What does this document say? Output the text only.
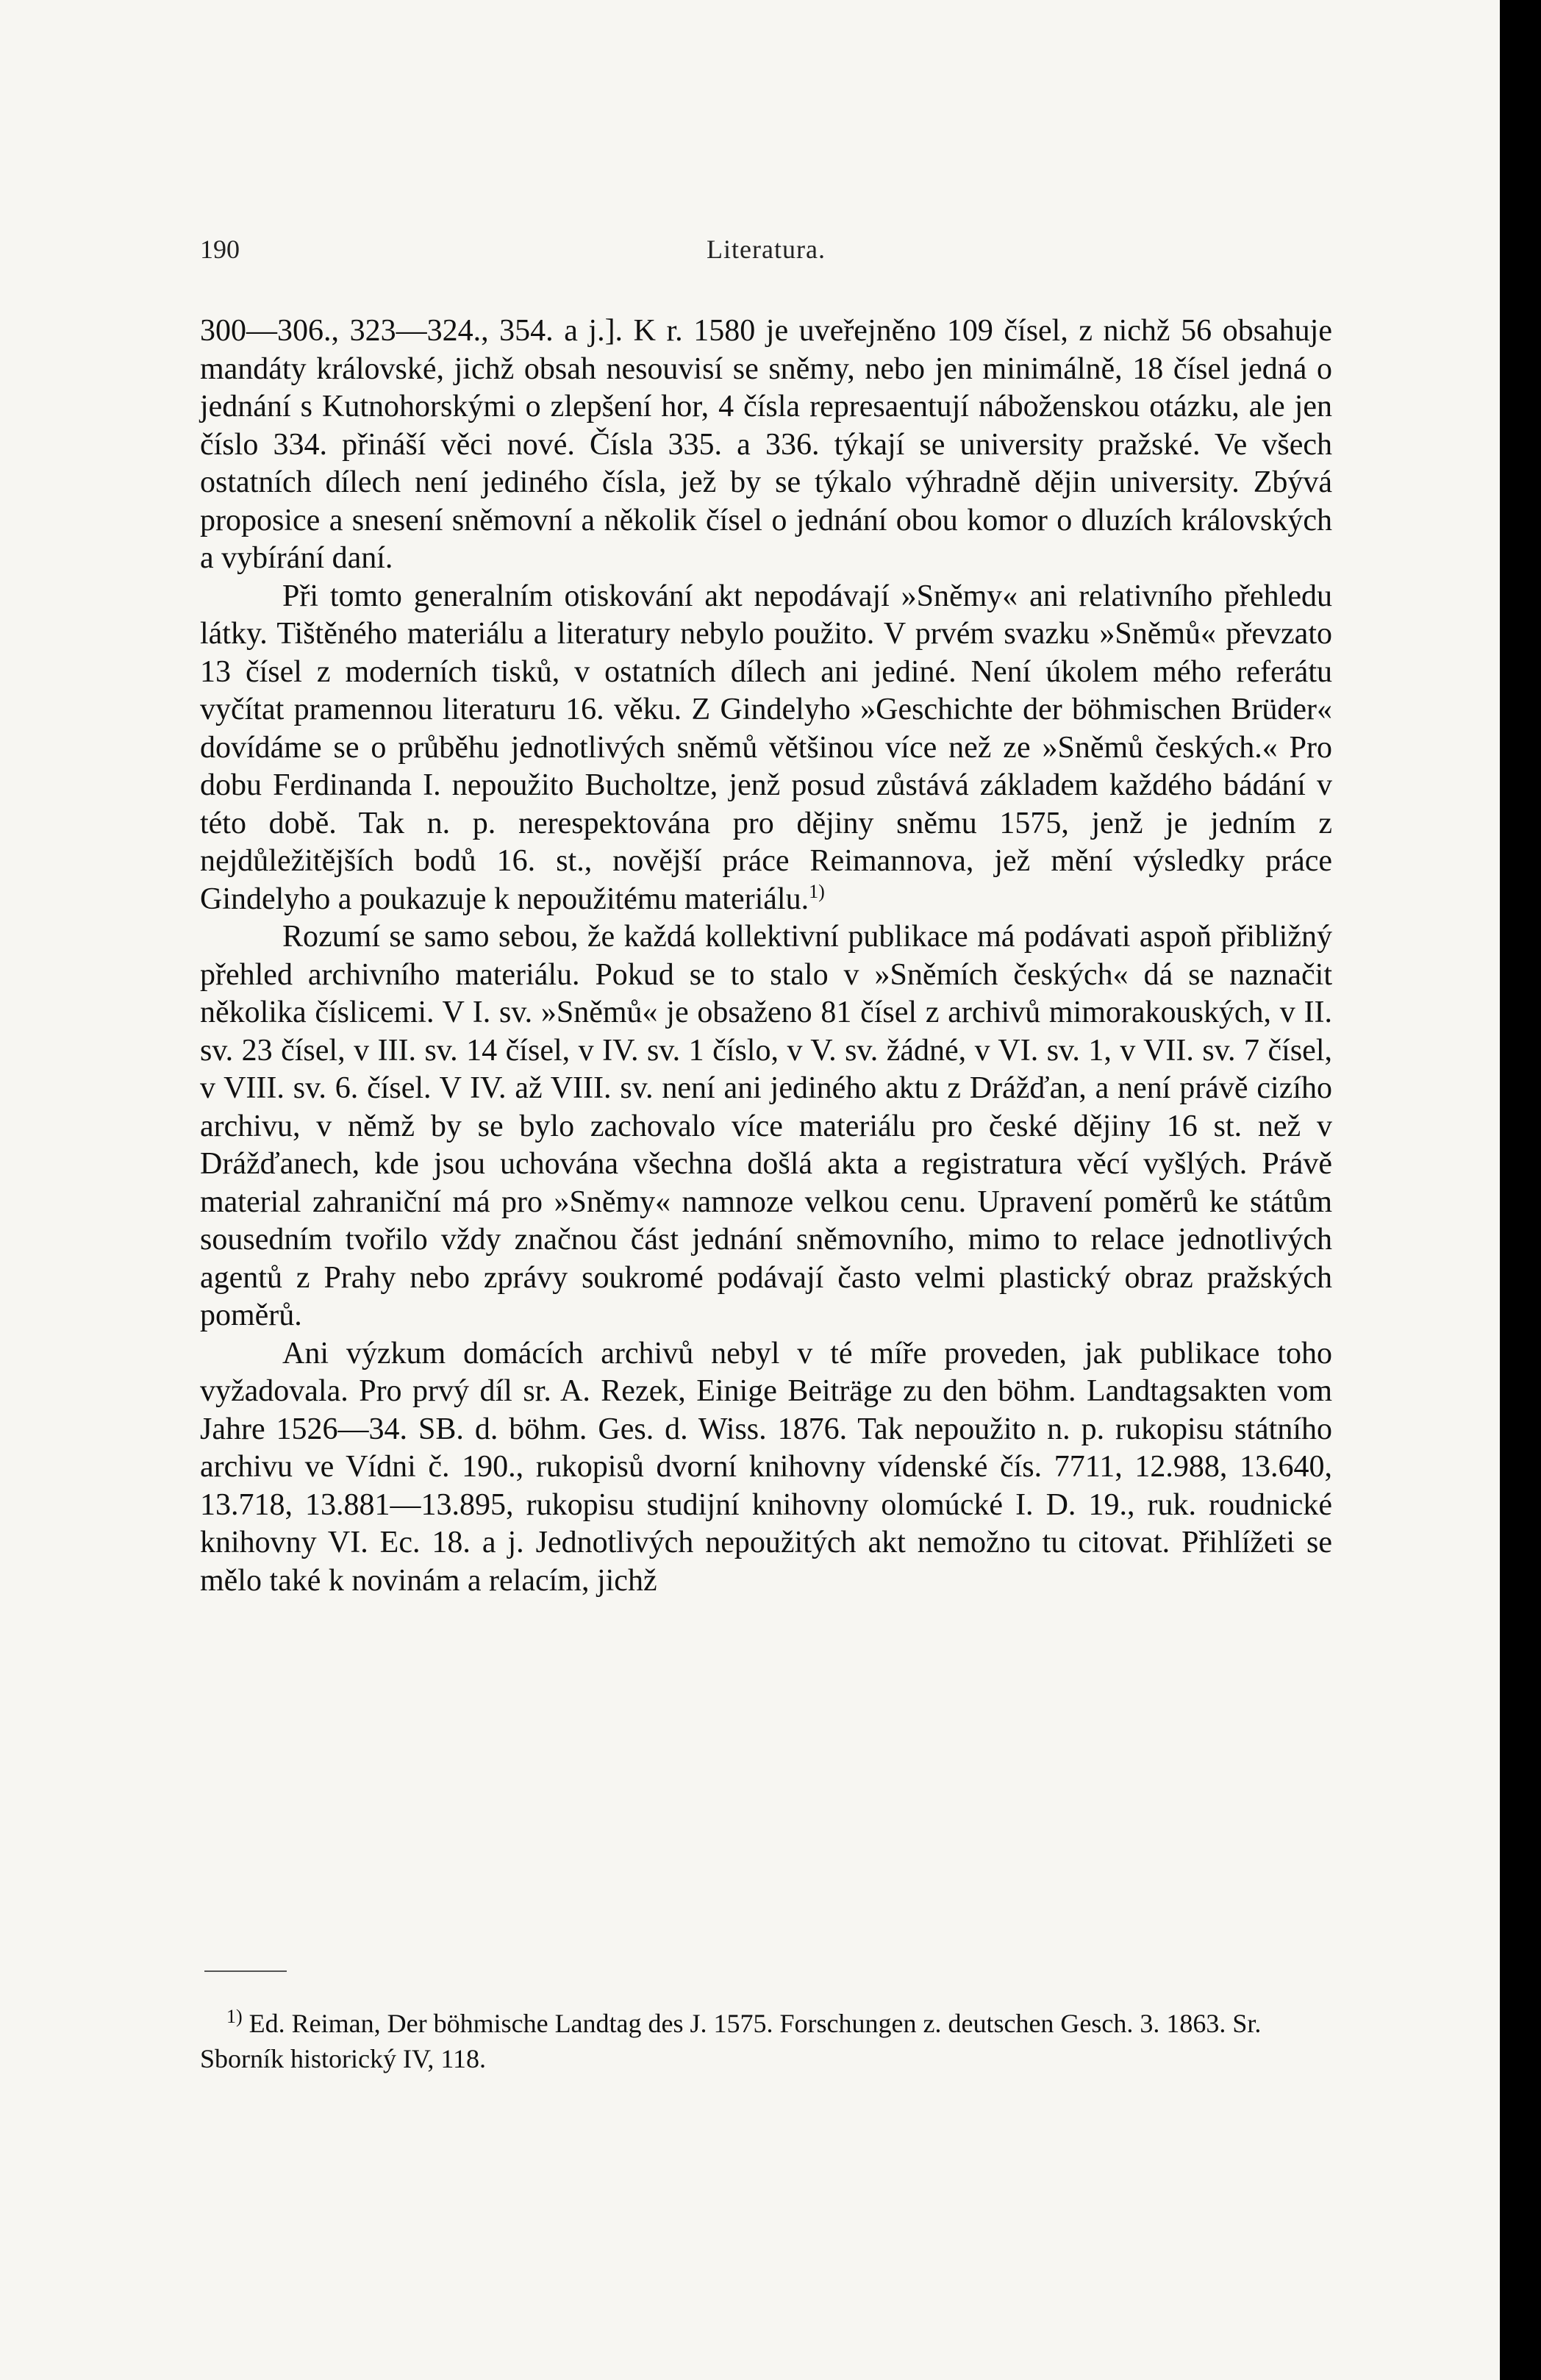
190	Literatura.

300—306., 323—324., 354. a j.]. K r. 1580 je uveřejněno 109 čísel, z nichž 56 obsahuje mandáty královské, jichž obsah nesouvisí se sněmy, nebo jen minimálně, 18 čísel jedná o jednání s Kutnohorskými o zlepšení hor, 4 čísla represaentují náboženskou otázku, ale jen číslo 334. přináší věci nové. Čísla 335. a 336. týkají se university pražské. Ve všech ostatních dílech není jediného čísla, jež by se týkalo výhradně dějin university. Zbývá proposice a snesení sněmovní a několik čísel o jednání obou komor o dluzích královských a vybírání daní.

Při tomto generalním otiskování akt nepodávají »Sněmy« ani relativního přehledu látky. Tištěného materiálu a literatury nebylo použito. V prvém svazku »Sněmů« převzato 13 čísel z moderních tisků, v ostatních dílech ani jediné. Není úkolem mého referátu vyčítat pramennou literaturu 16. věku. Z Gindelyho »Geschichte der böhmischen Brüder« dovídáme se o průběhu jednotlivých sněmů většinou více než ze »Sněmů českých.« Pro dobu Ferdinanda I. nepoužito Bucholtze, jenž posud zůstává základem každého bádání v této době. Tak n. p. nerespektována pro dějiny sněmu 1575, jenž je jedním z nejdůležitějších bodů 16. st., novější práce Reimannova, jež mění výsledky práce Gindelyho a poukazuje k nepoužitému materiálu.$^{1)}$

Rozumí se samo sebou, že každá kollektivní publikace má podávati aspoň přibližný přehled archivního materiálu. Pokud se to stalo v »Sněmích českých« dá se naznačit několika číslicemi. V I. sv. »Sněmů« je obsaženo 81 čísel z archivů mimorakouských, v II. sv. 23 čísel, v III. sv. 14 čísel, v IV. sv. 1 číslo, v V. sv. žádné, v VI. sv. 1, v VII. sv. 7 čísel, v VIII. sv. 6. čísel. V IV. až VIII. sv. není ani jediného aktu z Drážďan, a není právě cizího archivu, v němž by se bylo zachovalo více materiálu pro české dějiny 16 st. než v Drážďanech, kde jsou uchována všechna došlá akta a registratura věcí vyšlých. Právě material zahraniční má pro »Sněmy« namnoze velkou cenu. Upravení poměrů ke státům sousedním tvořilo vždy značnou část jednání sněmovního, mimo to relace jednotlivých agentů z Prahy nebo zprávy soukromé podávají často velmi plastický obraz pražských poměrů.

Ani výzkum domácích archivů nebyl v té míře proveden, jak publikace toho vyžadovala. Pro prvý díl sr. A. Rezek, Einige Beiträge zu den böhm. Landtagsakten vom Jahre 1526—34. SB. d. böhm. Ges. d. Wiss. 1876. Tak nepoužito n. p. rukopisu státního archivu ve Vídni č. 190., rukopisů dvorní knihovny vídenské čís. 7711, 12.988, 13.640, 13.718, 13.881—13.895, rukopisu studijní knihovny olomúcké I. D. 19., ruk. roudnické knihovny VI. Ec. 18. a j. Jednotlivých nepoužitých akt nemožno tu citovat. Přihlížeti se mělo také k novinám a relacím, jichž

$^{1)}$ Ed. Reiman, Der böhmische Landtag des J. 1575. Forschungen z. deutschen Gesch. 3. 1863. Sr. Sborník historický IV, 118.
